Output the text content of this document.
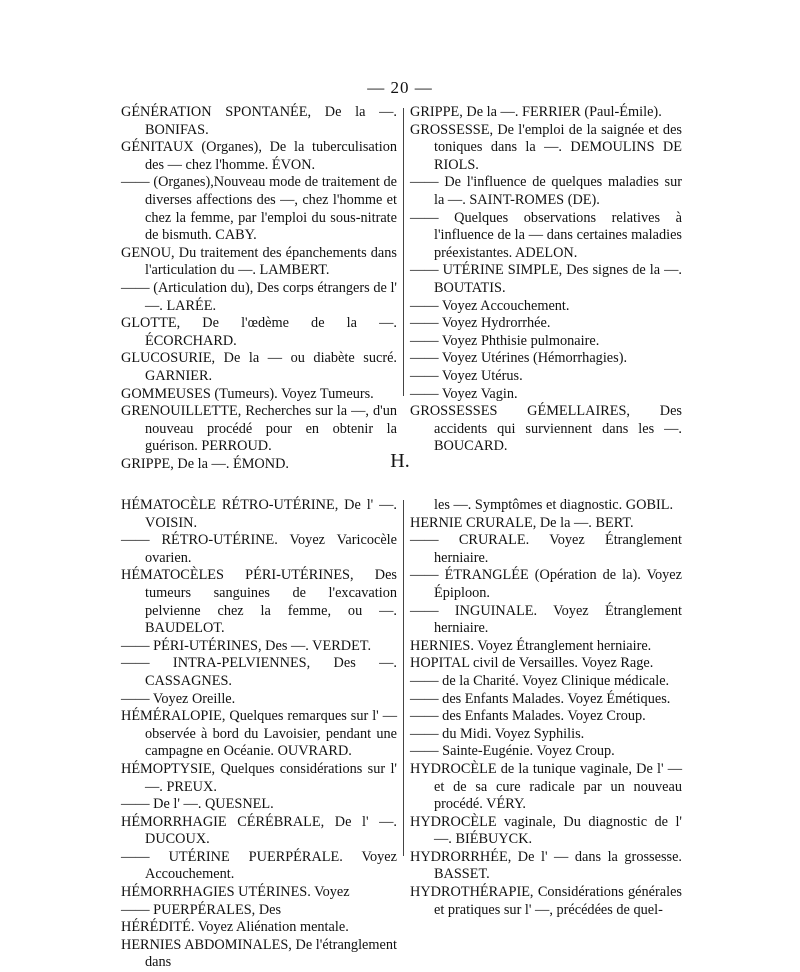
— 20 —
GÉNÉRATION SPONTANÉE, De la —. BONIFAS.
GÉNITAUX (Organes), De la tuberculisation des — chez l'homme. ÉVON.
—— (Organes),Nouveau mode de traitement de diverses affections des —, chez l'homme et chez la femme, par l'emploi du sous-nitrate de bismuth. CABY.
GENOU, Du traitement des épanchements dans l'articulation du —. LAMBERT.
—— (Articulation du), Des corps étrangers de l' —. LARÉE.
GLOTTE, De l'œdème de la —. ÉCORCHARD.
GLUCOSURIE, De la — ou diabète sucré. GARNIER.
GOMMEUSES (Tumeurs). Voyez Tumeurs.
GRENOUILLETTE, Recherches sur la —, d'un nouveau procédé pour en obtenir la guérison. PERROUD.
GRIPPE, De la —. ÉMOND.
GRIPPE, De la —. FERRIER (Paul-Émile).
GROSSESSE, De l'emploi de la saignée et des toniques dans la —. DEMOULINS DE RIOLS.
—— De l'influence de quelques maladies sur la —. SAINT-ROMES (DE).
—— Quelques observations relatives à l'influence de la — dans certaines maladies préexistantes. ADELON.
—— UTÉRINE SIMPLE, Des signes de la —. BOUTATIS.
—— Voyez Accouchement.
—— Voyez Hydrorrhée.
—— Voyez Phthisie pulmonaire.
—— Voyez Utérines (Hémorrhagies).
—— Voyez Utérus.
—— Voyez Vagin.
GROSSESSES GÉMELLAIRES, Des accidents qui surviennent dans les —. BOUCARD.
H.
HÉMATOCÈLE RÉTRO-UTÉRINE, De l' —. VOISIN.
—— RÉTRO-UTÉRINE. Voyez Varicocèle ovarien.
HÉMATOCÈLES PÉRI-UTÉRINES, Des tumeurs sanguines de l'excavation pelvienne chez la femme, ou —. BAUDELOT.
—— PÉRI-UTÉRINES, Des —. VERDET.
—— INTRA-PELVIENNES, Des —. CASSAGNES.
—— Voyez Oreille.
HÉMÉRALOPIE, Quelques remarques sur l' — observée à bord du Lavoisier, pendant une campagne en Océanie. OUVRARD.
HÉMOPTYSIE, Quelques considérations sur l' —. PREUX.
—— De l' —. QUESNEL.
HÉMORRHAGIE CÉRÉBRALE, De l' —. DUCOUX.
—— UTÉRINE PUERPÉRALE. Voyez Accouchement.
HÉMORRHAGIES UTÉRINES. Voyez
—— PUERPÉRALES, Des
HÉRÉDITÉ. Voyez Aliénation mentale.
HERNIES ABDOMINALES, De l'étranglement dans
les —. Symptômes et diagnostic. GOBIL.
HERNIE CRURALE, De la —. BERT.
—— CRURALE. Voyez Étranglement herniaire.
—— ÉTRANGLÉE (Opération de la). Voyez Épiploon.
—— INGUINALE. Voyez Étranglement herniaire.
HERNIES. Voyez Étranglement herniaire.
HOPITAL civil de Versailles. Voyez Rage.
—— de la Charité. Voyez Clinique médicale.
—— des Enfants Malades. Voyez Émétiques.
—— des Enfants Malades. Voyez Croup.
—— du Midi. Voyez Syphilis.
—— Sainte-Eugénie. Voyez Croup.
HYDROCÈLE de la tunique vaginale, De l' — et de sa cure radicale par un nouveau procédé. VÉRY.
HYDROCÈLE vaginale, Du diagnostic de l' —. BIÉBUYCK.
HYDRORRHÉE, De l' — dans la grossesse. BASSET.
HYDROTHÉRAPIE, Considérations générales et pratiques sur l' —, précédées de quel-
